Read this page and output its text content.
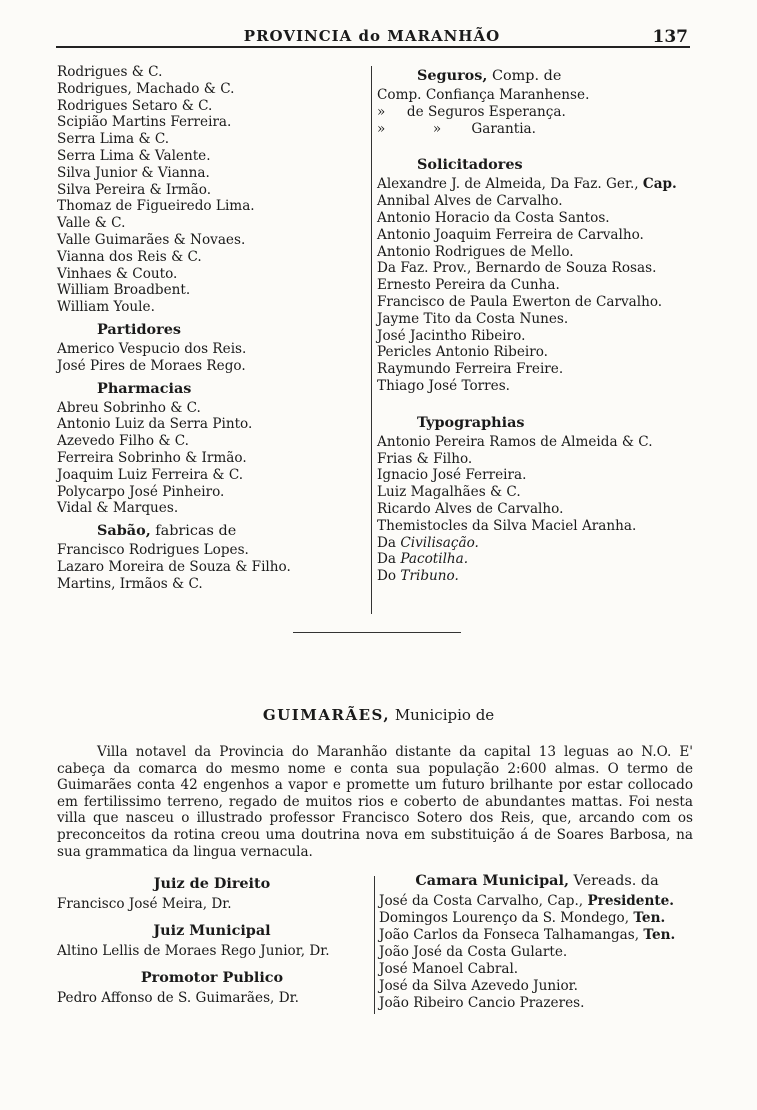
PROVINCIA do MARANHÃO	137
Rodrigues & C.
Rodrigues, Machado & C.
Rodrigues Setaro & C.
Scipião Martins Ferreira.
Serra Lima & C.
Serra Lima & Valente.
Silva Junior & Vianna.
Silva Pereira & Irmão.
Thomaz de Figueiredo Lima.
Valle & C.
Valle Guimarães & Novaes.
Vianna dos Reis & C.
Vinhaes & Couto.
William Broadbent.
William Youle.
Partidores
Americo Vespucio dos Reis.
José Pires de Moraes Rego.
Pharmacias
Abreu Sobrinho & C.
Antonio Luiz da Serra Pinto.
Azevedo Filho & C.
Ferreira Sobrinho & Irmão.
Joaquim Luiz Ferreira & C.
Polycarpo José Pinheiro.
Vidal & Marques.
Sabão, fabricas de
Francisco Rodrigues Lopes.
Lazaro Moreira de Souza & Filho.
Martins, Irmãos & C.
Seguros, Comp. de
Comp. Confiança Maranhense.
»     de Seguros Esperança.
»           »       Garantia.
Solicitadores
Alexandre J. de Almeida, Da Faz. Ger., Cap.
Annibal Alves de Carvalho.
Antonio Horacio da Costa Santos.
Antonio Joaquim Ferreira de Carvalho.
Antonio Rodrigues de Mello.
Da Faz. Prov., Bernardo de Souza Rosas.
Ernesto Pereira da Cunha.
Francisco de Paula Ewerton de Carvalho.
Jayme Tito da Costa Nunes.
José Jacintho Ribeiro.
Pericles Antonio Ribeiro.
Raymundo Ferreira Freire.
Thiago José Torres.
Typographias
Antonio Pereira Ramos de Almeida & C.
Frias & Filho.
Ignacio José Ferreira.
Luiz Magalhães & C.
Ricardo Alves de Carvalho.
Themistocles da Silva Maciel Aranha.
Da Civilisação.
Da Pacotilha.
Do Tribuno.
GUIMARÃES, Municipio de
Villa notavel da Provincia do Maranhão distante da capital 13 leguas ao N.O. E' cabeça da comarca do mesmo nome e conta sua população 2:600 almas. O termo de Guimarães conta 42 engenhos a vapor e promette um futuro brilhante por estar collocado em fertilissimo terreno, regado de muitos rios e coberto de abundantes mattas. Foi nesta villa que nasceu o illustrado professor Francisco Sotero dos Reis, que, arcando com os preconceitos da rotina creou uma doutrina nova em substituição á de Soares Barbosa, na sua grammatica da lingua vernacula.
Juiz de Direito
Francisco José Meira, Dr.
Juiz Municipal
Altino Lellis de Moraes Rego Junior, Dr.
Promotor Publico
Pedro Affonso de S. Guimarães, Dr.
Camara Municipal, Vereads. da
José da Costa Carvalho, Cap., Presidente.
Domingos Lourenço da S. Mondego, Ten.
João Carlos da Fonseca Talhamangas, Ten.
João José da Costa Gularte.
José Manoel Cabral.
José da Silva Azevedo Junior.
João Ribeiro Cancio Prazeres.
